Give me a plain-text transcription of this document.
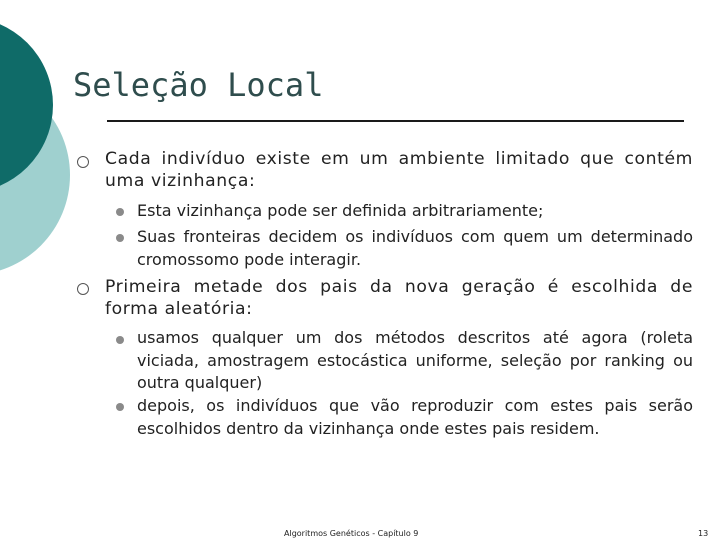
Seleção Local
Cada indivíduo existe em um ambiente limitado que contém uma vizinhança:
Esta vizinhança pode ser definida arbitrariamente;
Suas fronteiras decidem os indivíduos com quem um determinado cromossomo pode interagir.
Primeira metade dos pais da nova geração é escolhida de forma aleatória:
usamos qualquer um dos métodos descritos até agora (roleta viciada, amostragem estocástica uniforme, seleção por ranking ou outra qualquer)
depois, os indivíduos que vão reproduzir com estes pais serão escolhidos dentro da vizinhança onde estes pais residem.
Algoritmos Genéticos - Capítulo 9	13
